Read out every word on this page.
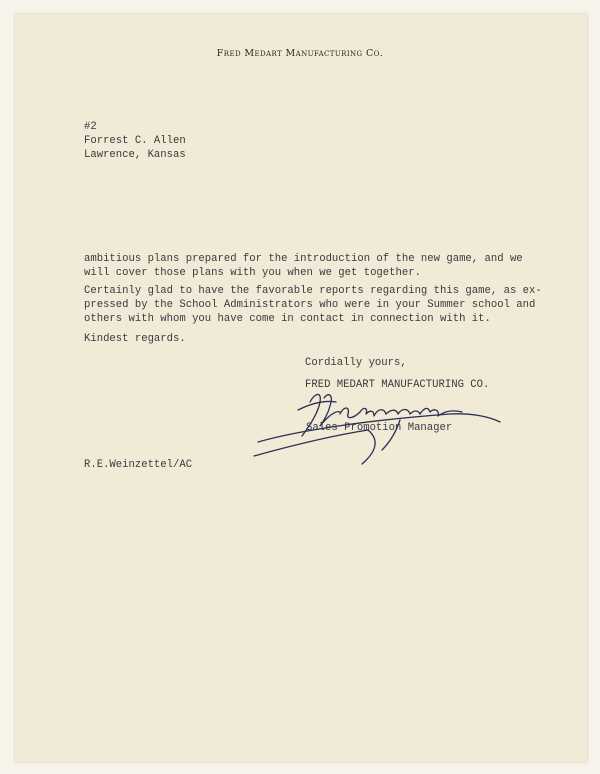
Fred Medart Manufacturing Co.
#2
Forrest C. Allen
Lawrence, Kansas
ambitious plans prepared for the introduction of the new game, and we
will cover those plans with you when we get together.
Certainly glad to have the favorable reports regarding this game, as ex-
pressed by the School Administrators who were in your Summer school and
others with whom you have come in contact in connection with it.
Kindest regards.
Cordially yours,
FRED MEDART MANUFACTURING CO.
Sales Promotion Manager
R.E.Weinzettel/AC
